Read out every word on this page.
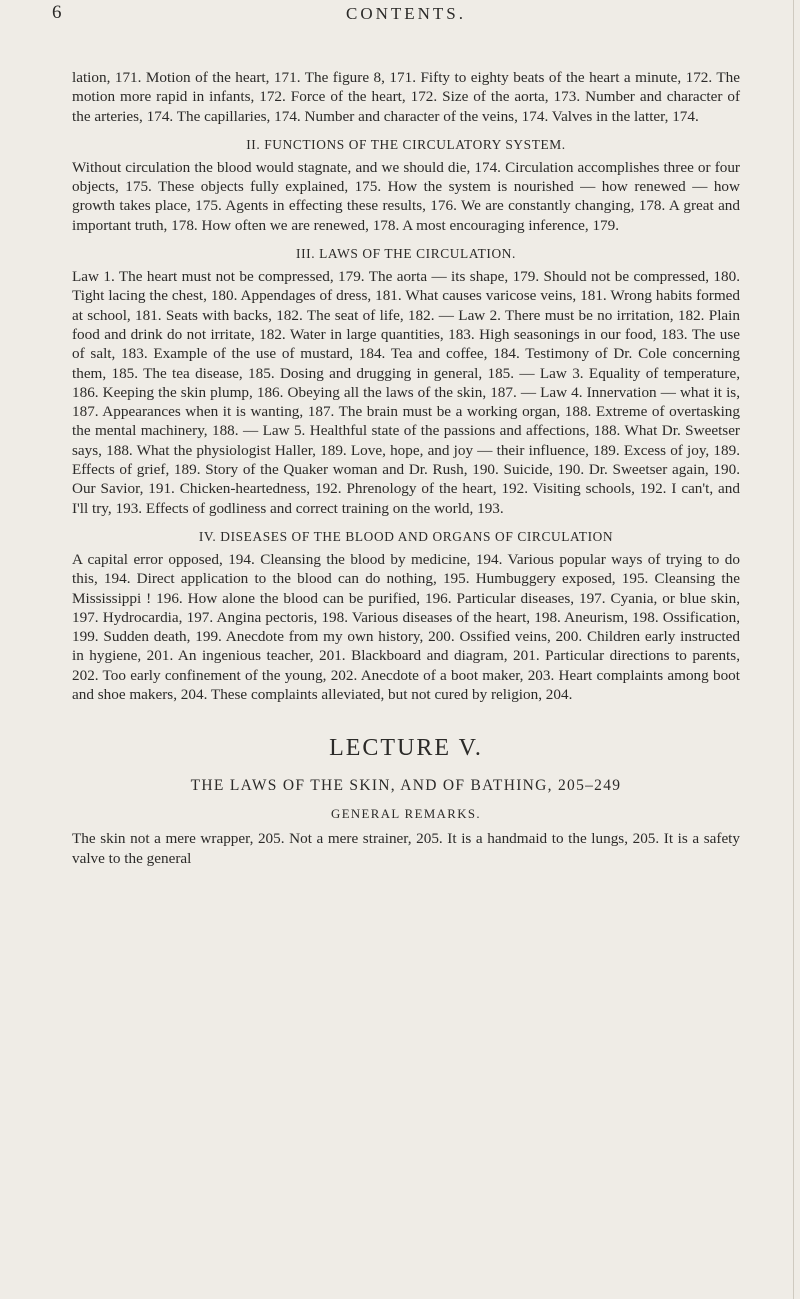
6	CONTENTS.

lation, 171. Motion of the heart, 171. The figure 8, 171. Fifty to eighty beats of the heart a minute, 172. The motion more rapid in infants, 172. Force of the heart, 172. Size of the aorta, 173. Number and character of the arteries, 174. The capillaries, 174. Number and character of the veins, 174. Valves in the latter, 174.

II. FUNCTIONS OF THE CIRCULATORY SYSTEM.

Without circulation the blood would stagnate, and we should die, 174. Circulation accomplishes three or four objects, 175. These objects fully explained, 175. How the system is nourished — how renewed — how growth takes place, 175. Agents in effecting these results, 176. We are constantly changing, 178. A great and important truth, 178. How often we are renewed, 178. A most encouraging inference, 179.

III. LAWS OF THE CIRCULATION.

Law 1. The heart must not be compressed, 179. The aorta — its shape, 179. Should not be compressed, 180. Tight lacing the chest, 180. Appendages of dress, 181. What causes varicose veins, 181. Wrong habits formed at school, 181. Seats with backs, 182. The seat of life, 182. — Law 2. There must be no irritation, 182. Plain food and drink do not irritate, 182. Water in large quantities, 183. High seasonings in our food, 183. The use of salt, 183. Example of the use of mustard, 184. Tea and coffee, 184. Testimony of Dr. Cole concerning them, 185. The tea disease, 185. Dosing and drugging in general, 185. — Law 3. Equality of temperature, 186. Keeping the skin plump, 186. Obeying all the laws of the skin, 187. — Law 4. Innervation — what it is, 187. Appearances when it is wanting, 187. The brain must be a working organ, 188. Extreme of overtasking the mental machinery, 188. — Law 5. Healthful state of the passions and affections, 188. What Dr. Sweetser says, 188. What the physiologist Haller, 189. Love, hope, and joy — their influence, 189. Excess of joy, 189. Effects of grief, 189. Story of the Quaker woman and Dr. Rush, 190. Suicide, 190. Dr. Sweetser again, 190. Our Savior, 191. Chicken-heartedness, 192. Phrenology of the heart, 192. Visiting schools, 192. I can't, and I'll try, 193. Effects of godliness and correct training on the world, 193.

IV. DISEASES OF THE BLOOD AND ORGANS OF CIRCULATION

A capital error opposed, 194. Cleansing the blood by medicine, 194. Various popular ways of trying to do this, 194. Direct application to the blood can do nothing, 195. Humbuggery exposed, 195. Cleansing the Mississippi ! 196. How alone the blood can be purified, 196. Particular diseases, 197. Cyania, or blue skin, 197. Hydrocardia, 197. Angina pectoris, 198. Various diseases of the heart, 198. Aneurism, 198. Ossification, 199. Sudden death, 199. Anecdote from my own history, 200. Ossified veins, 200. Children early instructed in hygiene, 201. An ingenious teacher, 201. Blackboard and diagram, 201. Particular directions to parents, 202. Too early confinement of the young, 202. Anecdote of a boot maker, 203. Heart complaints among boot and shoe makers, 204. These complaints alleviated, but not cured by religion, 204.

LECTURE V.
THE LAWS OF THE SKIN, AND OF BATHING, 205–249
GENERAL REMARKS.

The skin not a mere wrapper, 205. Not a mere strainer, 205. It is a handmaid to the lungs, 205. It is a safety valve to the general
